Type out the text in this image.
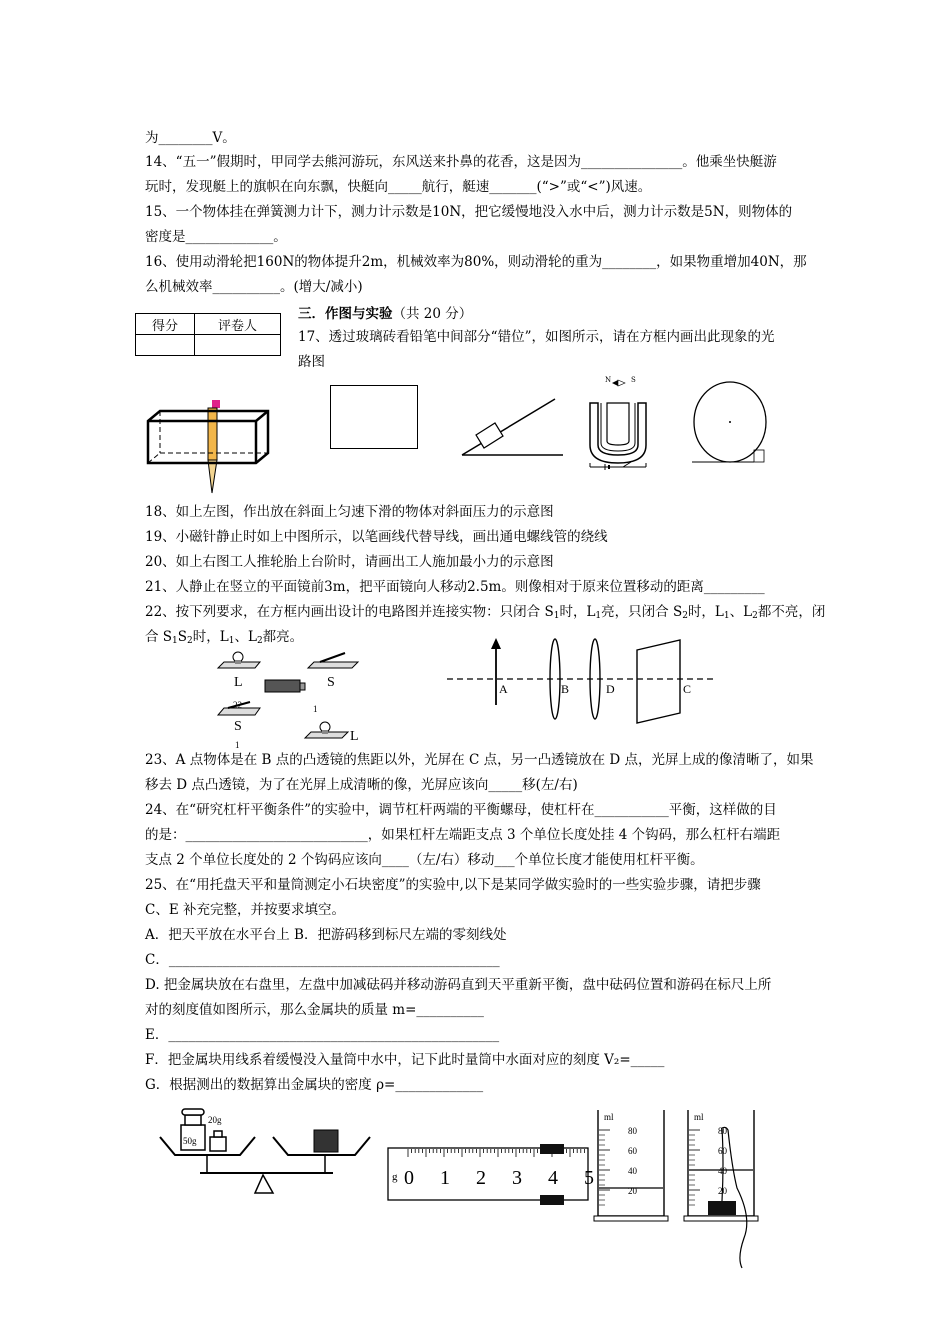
为________V。
14、“五一”假期时，甲同学去熊河游玩，东风送来扑鼻的花香，这是因为_______________。他乘坐快艇游
玩时，发现艇上的旗帜在向东飘，快艇向_____航行，艇速_______(“>”或“<”)风速。
15、一个物体挂在弹簧测力计下，测力计示数是10N，把它缓慢地没入水中后，测力计示数是5N，则物体的
密度是_____________。
16、使用动滑轮把160N的物体提升2m，机械效率为80%，则动滑轮的重为________，如果物重增加40N，那
么机械效率__________。(增大/减小)
三．作图与实验（共 20 分）
得分	评卷人

17、透过玻璃砖看铅笔中间部分“错位”，如图所示，请在方框内画出此现象的光
路图
N	S
18、如上左图，作出放在斜面上匀速下滑的物体对斜面压力的示意图
19、小磁针静止时如上中图所示，以笔画线代替导线，画出通电螺线管的绕线
20、如上右图工人推轮胎上台阶时，请画出工人施加最小力的示意图
21、人静止在竖立的平面镜前3m，把平面镜向人移动2.5m。则像相对于原来位置移动的距离_________
22、按下列要求，在方框内画出设计的电路图并连接实物：只闭合 $S_1$时，$L_1$亮，只闭合 $S_2$时，$L_1$、$L_2$都不亮，闭
合 $S_1S_2$时，$L_1$、$L_2$都亮。
L	S
S
22	1
L
1
A	B	D	C
23、A 点物体是在 B 点的凸透镜的焦距以外，光屏在 C 点，另一凸透镜放在 D 点，光屏上成的像清晰了，如果
移去 D 点凸透镜，为了在光屏上成清晰的像，光屏应该向_____移(左/右)
24、在“研究杠杆平衡条件”的实验中，调节杠杆两端的平衡螺母，使杠杆在___________平衡，这样做的目
的是：___________________________，如果杠杆左端距支点 3 个单位长度处挂 4 个钩码，那么杠杆右端距
支点 2 个单位长度处的 2 个钩码应该向____（左/右）移动___个单位长度才能使用杠杆平衡。
25、在“用托盘天平和量筒测定小石块密度”的实验中,以下是某同学做实验时的一些实验步骤，请把步骤
C、E 补充完整，并按要求填空。
A．把天平放在水平台上 B．把游码移到标尺左端的零刻线处
C．_________________________________________________
D. 把金属块放在右盘里，左盘中加减砝码并移动游码直到天平重新平衡，盘中砝码位置和游码在标尺上所
对的刻度值如图所示，那么金属块的质量 m=__________
E．_________________________________________________
F．把金属块用线系着缓慢没入量筒中水中，记下此时量筒中水面对应的刻度 V₂=_____
G．根据测出的数据算出金属块的密度 ρ=_____________
50g
20g
g 0 1 2 3 4 5
ml
80
60
40
20
ml
80
60
40
20
